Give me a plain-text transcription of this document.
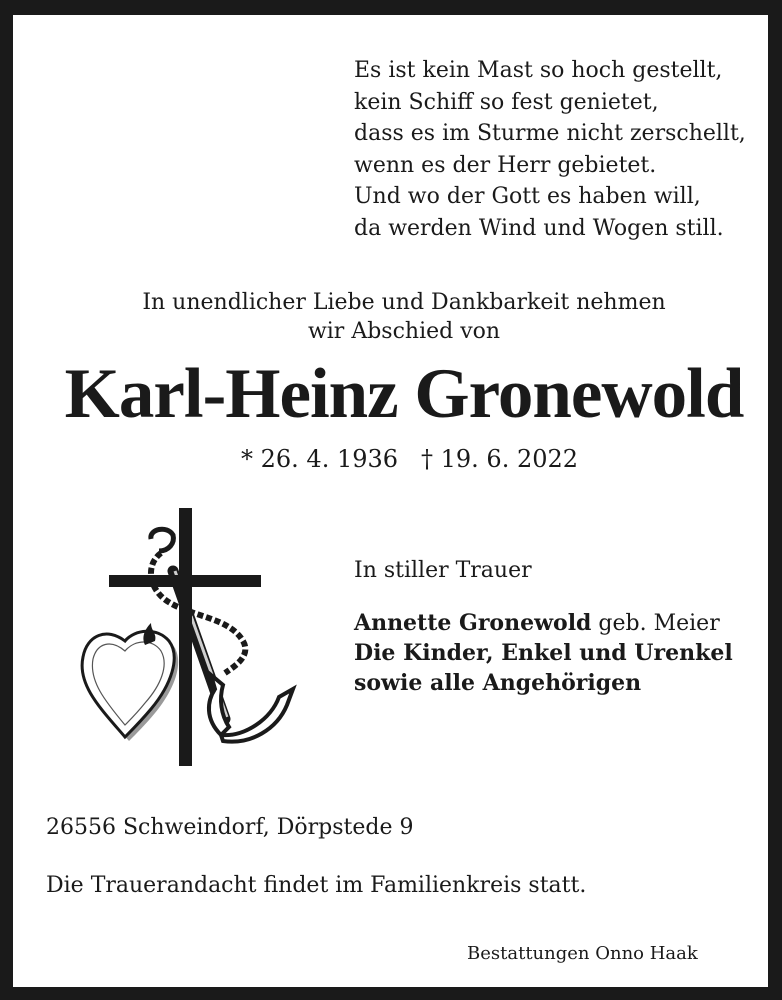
Es ist kein Mast so hoch gestellt,
kein Schiff so fest genietet,
dass es im Sturme nicht zerschellt,
wenn es der Herr gebietet.
Und wo der Gott es haben will,
da werden Wind und Wogen still.
In unendlicher Liebe und Dankbarkeit nehmen
wir Abschied von
Karl-Heinz Gronewold
* 26. 4. 1936 † 19. 6. 2022
In stiller Trauer
Annette Gronewold geb. Meier
Die Kinder, Enkel und Urenkel
sowie alle Angehörigen
26556 Schweindorf, Dörpstede 9
Die Trauerandacht findet im Familienkreis statt.
Bestattungen Onno Haak
